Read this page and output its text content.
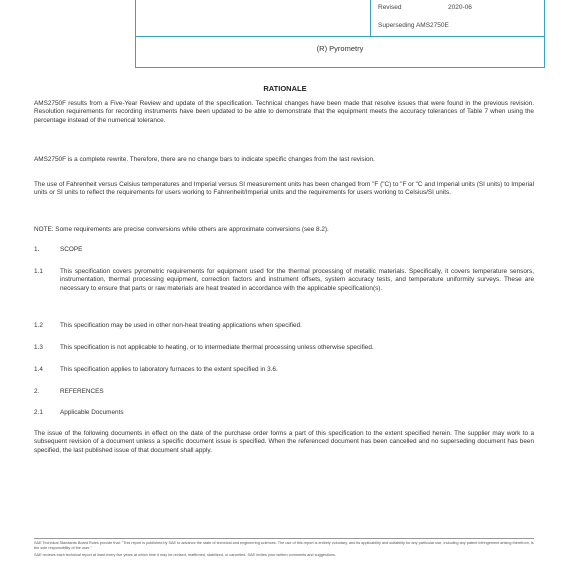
Revised	2020-06
Superseding AMS2750E
(R) Pyrometry
RATIONALE

AMS2750F results from a Five-Year Review and update of the specification. Technical changes have been made that resolve issues that were found in the previous revision. Resolution requirements for recording instruments have been updated to be able to demonstrate that the equipment meets the accuracy tolerances of Table 7 when using the percentage instead of the numerical tolerance.

AMS2750F is a complete rewrite. Therefore, there are no change bars to indicate specific changes from the last revision.

The use of Fahrenheit versus Celsius temperatures and Imperial versus SI measurement units has been changed from "F ("C) to "F or "C and Imperial units (SI units) to Imperial units or SI units to reflect the requirements for users working to Fahrenheit/Imperial units and the requirements for users working to Celsius/SI units.

NOTE: Some requirements are precise conversions while others are approximate conversions (see 8.2).

1.	SCOPE
1.1	This specification covers pyrometric requirements for equipment used for the thermal processing of metallic materials. Specifically, it covers temperature sensors, instrumentation, thermal processing equipment, correction factors and instrument offsets, system accuracy tests, and temperature uniformity surveys. These are necessary to ensure that parts or raw materials are heat treated in accordance with the applicable specification(s).

1.2	This specification may be used in other non-heat treating applications when specified.

1.3	This specification is not applicable to heating, or to intermediate thermal processing unless otherwise specified.

1.4	This specification applies to laboratory furnaces to the extent specified in 3.6.

2.	REFERENCES
2.1	Applicable Documents

The issue of the following documents in effect on the date of the purchase order forms a part of this specification to the extent specified herein. The supplier may work to a subsequent revision of a document unless a specific document issue is specified. When the referenced document has been cancelled and no superseding document has been specified, the last published issue of that document shall apply.

SAE Technical Standards Board Rules provide that: "This report is published by SAE to advance the state of technical and engineering sciences. The use of this report is entirely voluntary, and its applicability and suitability for any particular use, including any patent infringement arising therefrom, is the sole responsibility of the user."

SAE reviews each technical report at least every five years at which time it may be revised, reaffirmed, stabilized, or cancelled. SAE invites your written comments and suggestions.
